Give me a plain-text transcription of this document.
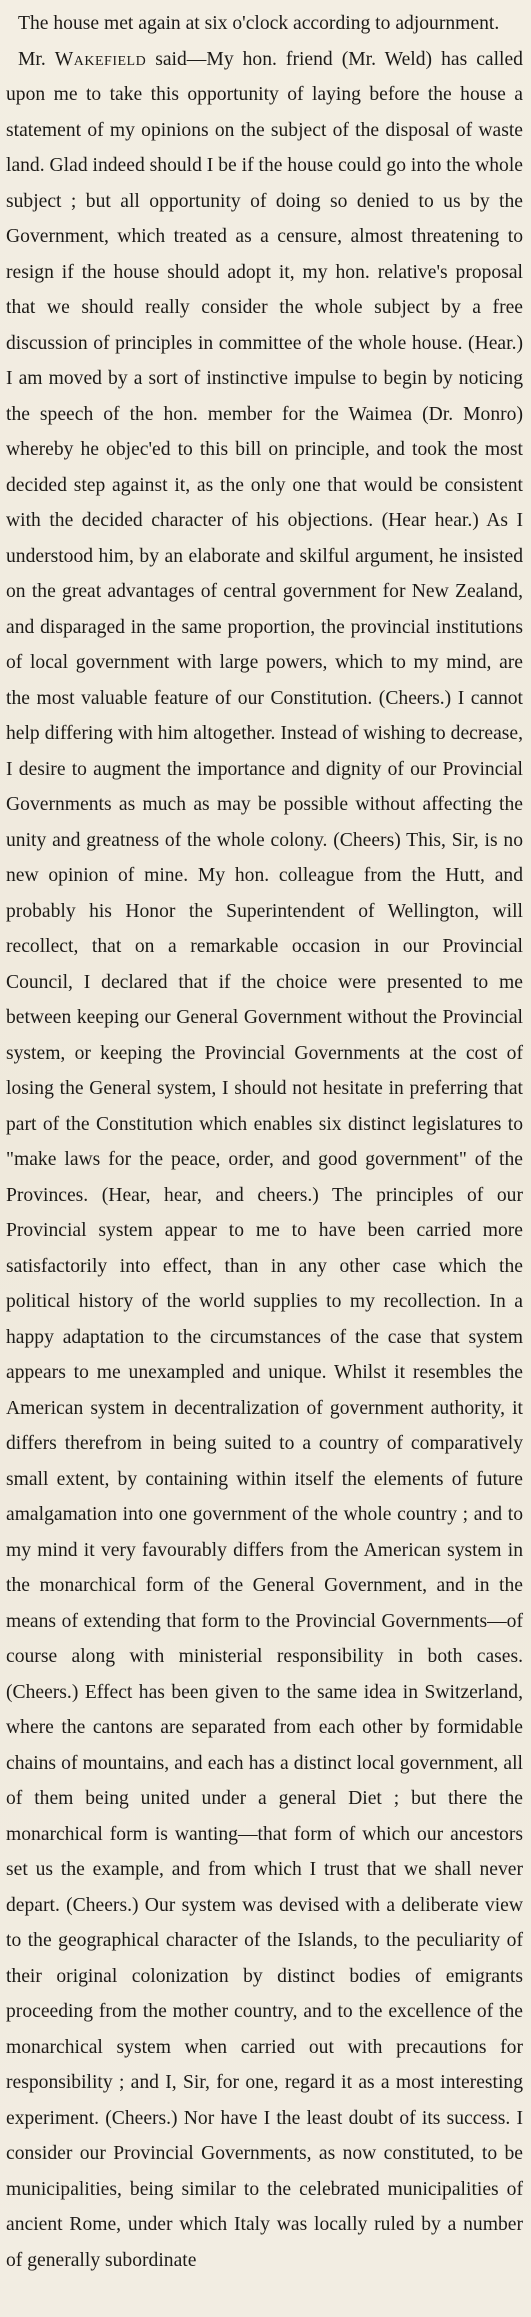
The house met again at six o'clock according to adjournment.

Mr. Wakefield said—My hon. friend (Mr. Weld) has called upon me to take this opportunity of laying before the house a statement of my opinions on the subject of the disposal of waste land. Glad indeed should I be if the house could go into the whole subject ; but all opportunity of doing so denied to us by the Government, which treated as a censure, almost threatening to resign if the house should adopt it, my hon. relative's proposal that we should really consider the whole subject by a free discussion of principles in committee of the whole house. (Hear.) I am moved by a sort of instinctive impulse to begin by noticing the speech of the hon. member for the Waimea (Dr. Monro) whereby he objec'ed to this bill on principle, and took the most decided step against it, as the only one that would be consistent with the decided character of his objections. (Hear hear.) As I understood him, by an elaborate and skilful argument, he insisted on the great advantages of central government for New Zealand, and disparaged in the same proportion, the provincial institutions of local government with large powers, which to my mind, are the most valuable feature of our Constitution. (Cheers.) I cannot help differing with him altogether. Instead of wishing to decrease, I desire to augment the importance and dignity of our Provincial Governments as much as may be possible without affecting the unity and greatness of the whole colony. (Cheers) This, Sir, is no new opinion of mine. My hon. colleague from the Hutt, and probably his Honor the Superintendent of Wellington, will recollect, that on a remarkable occasion in our Provincial Council, I declared that if the choice were presented to me between keeping our General Government without the Provincial system, or keeping the Provincial Governments at the cost of losing the General system, I should not hesitate in preferring that part of the Constitution which enables six distinct legislatures to "make laws for the peace, order, and good government" of the Provinces. (Hear, hear, and cheers.) The principles of our Provincial system appear to me to have been carried more satisfactorily into effect, than in any other case which the political history of the world supplies to my recollection. In a happy adaptation to the circumstances of the case that system appears to me unexampled and unique. Whilst it resembles the American system in decentralization of government authority, it differs therefrom in being suited to a country of comparatively small extent, by containing within itself the elements of future amalgamation into one government of the whole country ; and to my mind it very favourably differs from the American system in the monarchical form of the General Government, and in the means of extending that form to the Provincial Governments—of course along with ministerial responsibility in both cases. (Cheers.) Effect has been given to the same idea in Switzerland, where the cantons are separated from each other by formidable chains of mountains, and each has a distinct local government, all of them being united under a general Diet ; but there the monarchical form is wanting—that form of which our ancestors set us the example, and from which I trust that we shall never depart. (Cheers.) Our system was devised with a deliberate view to the geographical character of the Islands, to the peculiarity of their original colonization by distinct bodies of emigrants proceeding from the mother country, and to the excellence of the monarchical system when carried out with precautions for responsibility ; and I, Sir, for one, regard it as a most interesting experiment. (Cheers.) Nor have I the least doubt of its success. I consider our Provincial Governments, as now constituted, to be municipalities, being similar to the celebrated municipalities of ancient Rome, under which Italy was locally ruled by a number of generally subordinate
